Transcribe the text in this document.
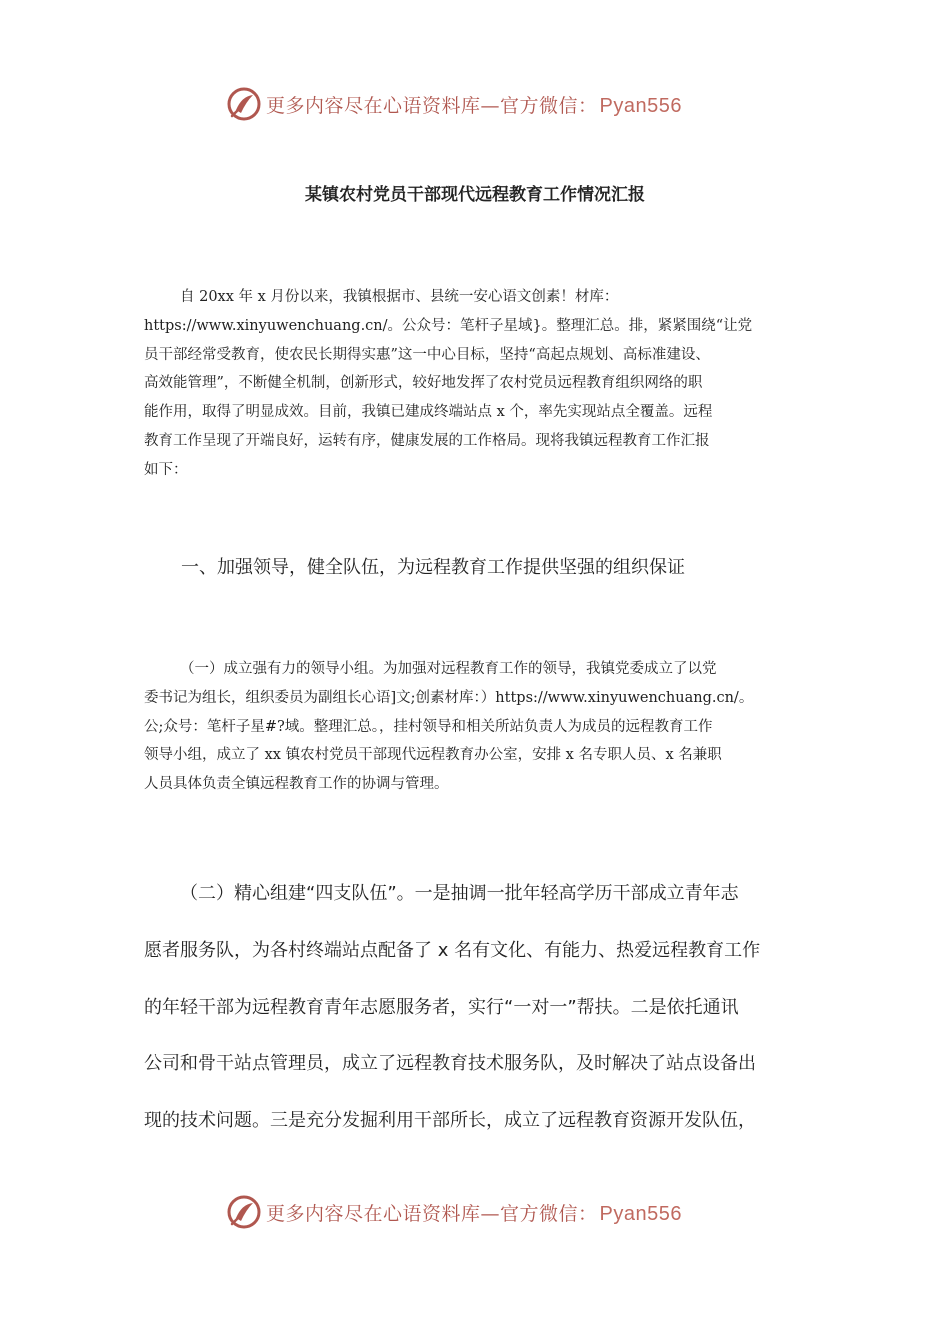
更多内容尽在心语资料库—官方微信： Pyan556
某镇农村党员干部现代远程教育工作情况汇报

自 20xx 年 x 月份以来，我镇根据市、县统一安心语文创素！材库：
https://www.xinyuwenchuang.cn/。公众号：笔杆子星域}。整理汇总。排，紧紧围绕“让党
员干部经常受教育，使农民长期得实惠”这一中心目标，坚持“高起点规划、高标准建设、
高效能管理”，不断健全机制，创新形式，较好地发挥了农村党员远程教育组织网络的职
能作用，取得了明显成效。目前，我镇已建成终端站点 x 个，率先实现站点全覆盖。远程
教育工作呈现了开端良好，运转有序，健康发展的工作格局。现将我镇远程教育工作汇报
如下：

一、加强领导，健全队伍，为远程教育工作提供坚强的组织保证

（一）成立强有力的领导小组。为加强对远程教育工作的领导，我镇党委成立了以党
委书记为组长，组织委员为副组长心语]文;创素材库：）https://www.xinyuwenchuang.cn/。
公;众号：笔杆子星#?域。整理汇总。，挂村领导和相关所站负责人为成员的远程教育工作
领导小组，成立了 xx 镇农村党员干部现代远程教育办公室，安排 x 名专职人员、x 名兼职
人员具体负责全镇远程教育工作的协调与管理。

（二）精心组建“四支队伍”。一是抽调一批年轻高学历干部成立青年志
愿者服务队，为各村终端站点配备了 x 名有文化、有能力、热爱远程教育工作
的年轻干部为远程教育青年志愿服务者，实行“一对一”帮扶。二是依托通讯
公司和骨干站点管理员，成立了远程教育技术服务队，及时解决了站点设备出
现的技术问题。三是充分发掘利用干部所长，成立了远程教育资源开发队伍，

更多内容尽在心语资料库—官方微信： Pyan556
